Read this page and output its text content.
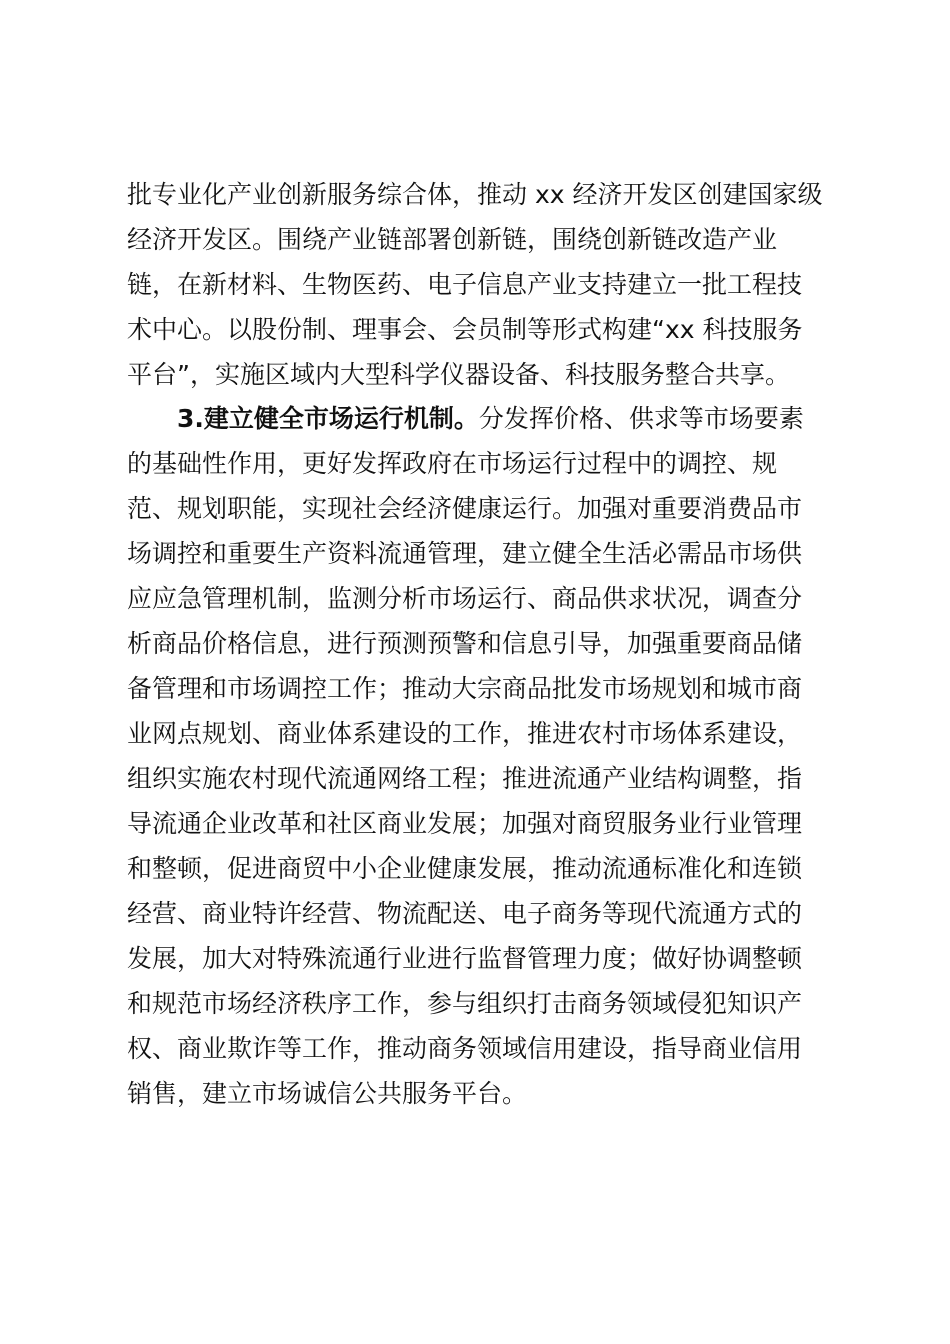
批专业化产业创新服务综合体，推动 xx 经济开发区创建国家级
经济开发区。围绕产业链部署创新链，围绕创新链改造产业
链，在新材料、生物医药、电子信息产业支持建立一批工程技
术中心。以股份制、理事会、会员制等形式构建“xx 科技服务
平台”，实施区域内大型科学仪器设备、科技服务整合共享。
3.建立健全市场运行机制。分发挥价格、供求等市场要素
的基础性作用，更好发挥政府在市场运行过程中的调控、规
范、规划职能，实现社会经济健康运行。加强对重要消费品市
场调控和重要生产资料流通管理，建立健全生活必需品市场供
应应急管理机制，监测分析市场运行、商品供求状况，调查分
析商品价格信息，进行预测预警和信息引导，加强重要商品储
备管理和市场调控工作；推动大宗商品批发市场规划和城市商
业网点规划、商业体系建设的工作，推进农村市场体系建设，
组织实施农村现代流通网络工程；推进流通产业结构调整，指
导流通企业改革和社区商业发展；加强对商贸服务业行业管理
和整顿，促进商贸中小企业健康发展，推动流通标准化和连锁
经营、商业特许经营、物流配送、电子商务等现代流通方式的
发展，加大对特殊流通行业进行监督管理力度；做好协调整顿
和规范市场经济秩序工作，参与组织打击商务领域侵犯知识产
权、商业欺诈等工作，推动商务领域信用建设，指导商业信用
销售，建立市场诚信公共服务平台。
